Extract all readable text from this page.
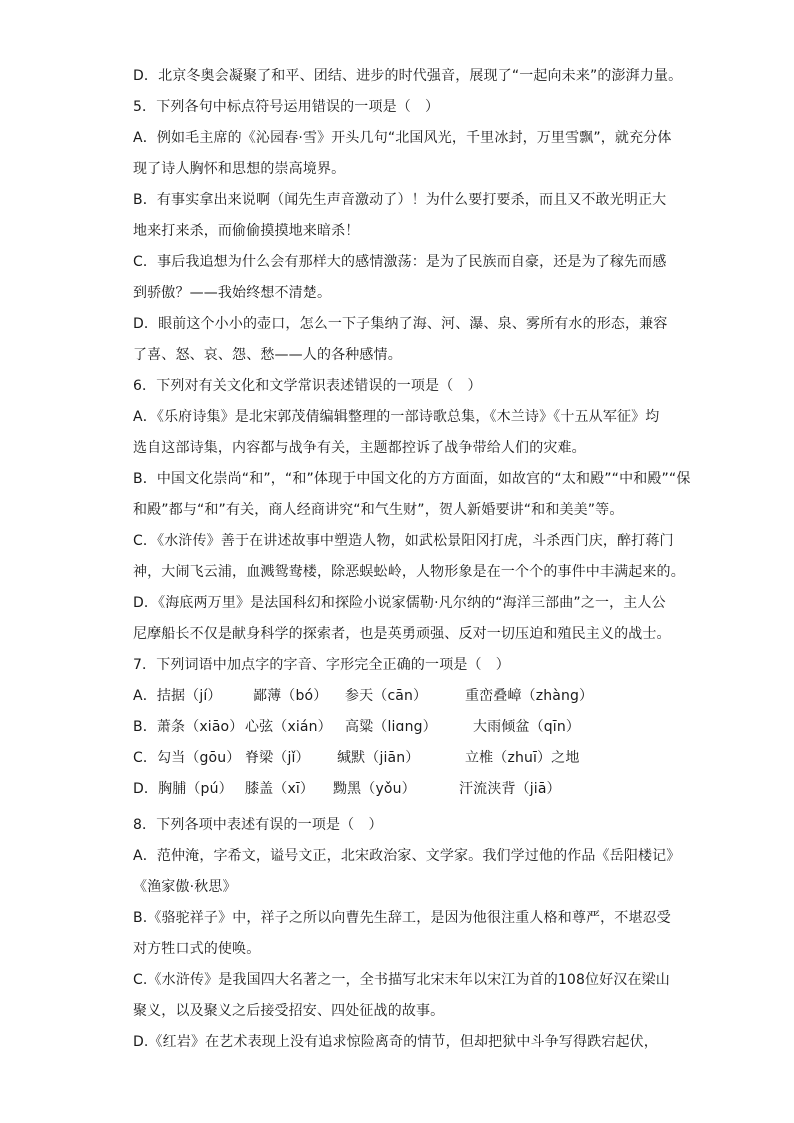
D．北京冬奥会凝聚了和平、团结、进步的时代强音，展现了“一起向未来”的澎湃力量。
5．下列各句中标点符号运用错误的一项是（　）
A．例如毛主席的《沁园春·雪》开头几句“北国风光，千里冰封，万里雪飘”，就充分体
现了诗人胸怀和思想的崇高境界。
B．有事实拿出来说啊（闻先生声音激动了）！为什么要打要杀，而且又不敢光明正大
地来打来杀，而偷偷摸摸地来暗杀！
C．事后我追想为什么会有那样大的感情激荡：是为了民族而自豪，还是为了稼先而感
到骄傲？——我始终想不清楚。
D．眼前这个小小的壶口，怎么一下子集纳了海、河、瀑、泉、雾所有水的形态，兼容
了喜、怒、哀、怨、愁——人的各种感情。
6．下列对有关文化和文学常识表述错误的一项是（　）
A．《乐府诗集》是北宋郭茂倩编辑整理的一部诗歌总集，《木兰诗》《十五从军征》均
选自这部诗集，内容都与战争有关，主题都控诉了战争带给人们的灾难。
B．中国文化崇尚“和”，“和”体现于中国文化的方方面面，如故宫的“太和殿”“中和殿”“保
和殿”都与“和”有关，商人经商讲究“和气生财”，贺人新婚要讲“和和美美”等。
C．《水浒传》善于在讲述故事中塑造人物，如武松景阳冈打虎，斗杀西门庆，醉打蒋门
神，大闹飞云浦，血溅鸳鸯楼，除恶蜈蚣岭，人物形象是在一个个的事件中丰满起来的。
D．《海底两万里》是法国科幻和探险小说家儒勒·凡尔纳的“海洋三部曲”之一，主人公
尼摩船长不仅是献身科学的探索者，也是英勇顽强、反对一切压迫和殖民主义的战士。
7．下列词语中加点字的字音、字形完全正确的一项是（　）
A．拮据（jí） 鄙薄（bó） 参天（cān）	重峦叠嶂（zhàng）
B．萧条（xiāo） 心弦（xián） 高粱（liɑng）	大雨倾盆（qīn）
C．勾当（gōu） 脊梁（jǐ） 缄默（jiān）	立椎（zhuī）之地
D．胸脯（pú） 膝盖（xī） 黝黑（yǒu）	汗流浃背（jiā）
8．下列各项中表述有误的一项是（　）
A．范仲淹，字希文，谥号文正，北宋政治家、文学家。我们学过他的作品《岳阳楼记》
《渔家傲·秋思》
B.《骆驼祥子》中，祥子之所以向曹先生辞工，是因为他很注重人格和尊严，不堪忍受
对方牲口式的使唤。
C.《水浒传》是我国四大名著之一，全书描写北宋末年以宋江为首的108位好汉在梁山
聚义，以及聚义之后接受招安、四处征战的故事。
D.《红岩》在艺术表现上没有追求惊险离奇的情节，但却把狱中斗争写得跌宕起伏，
